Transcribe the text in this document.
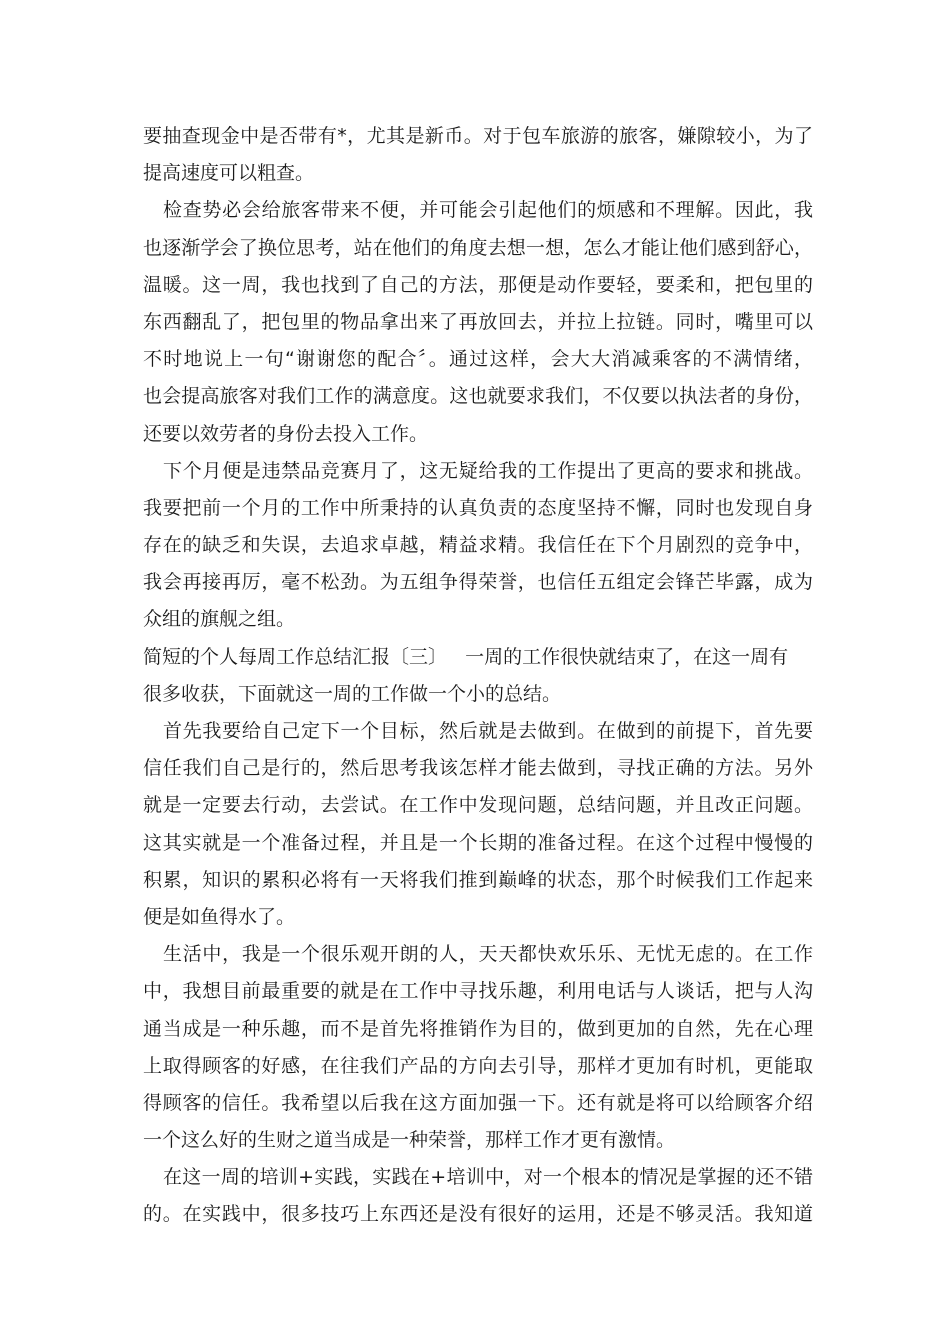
要抽查现金中是否带有*，尤其是新币。对于包车旅游的旅客，嫌隙较小，为了
提高速度可以粗查。
检查势必会给旅客带来不便，并可能会引起他们的烦感和不理解。因此，我
也逐渐学会了换位思考，站在他们的角度去想一想，怎么才能让他们感到舒心，
温暖。这一周，我也找到了自己的方法，那便是动作要轻，要柔和，把包里的
东西翻乱了，把包里的物品拿出来了再放回去，并拉上拉链。同时，嘴里可以
不时地说上一句“谢谢您的配合〞。通过这样，会大大消减乘客的不满情绪，
也会提高旅客对我们工作的满意度。这也就要求我们，不仅要以执法者的身份，
还要以效劳者的身份去投入工作。
下个月便是违禁品竞赛月了，这无疑给我的工作提出了更高的要求和挑战。
我要把前一个月的工作中所秉持的认真负责的态度坚持不懈，同时也发现自身
存在的缺乏和失误，去追求卓越，精益求精。我信任在下个月剧烈的竞争中，
我会再接再厉，毫不松劲。为五组争得荣誉，也信任五组定会锋芒毕露，成为
众组的旗舰之组。
简短的个人每周工作总结汇报〔三〕   一周的工作很快就结束了，在这一周有
很多收获，下面就这一周的工作做一个小的总结。
首先我要给自己定下一个目标，然后就是去做到。在做到的前提下，首先要
信任我们自己是行的，然后思考我该怎样才能去做到，寻找正确的方法。另外
就是一定要去行动，去尝试。在工作中发现问题，总结问题，并且改正问题。
这其实就是一个准备过程，并且是一个长期的准备过程。在这个过程中慢慢的
积累，知识的累积必将有一天将我们推到巅峰的状态，那个时候我们工作起来
便是如鱼得水了。
生活中，我是一个很乐观开朗的人，天天都快欢乐乐、无忧无虑的。在工作
中，我想目前最重要的就是在工作中寻找乐趣，利用电话与人谈话，把与人沟
通当成是一种乐趣，而不是首先将推销作为目的，做到更加的自然，先在心理
上取得顾客的好感，在往我们产品的方向去引导，那样才更加有时机，更能取
得顾客的信任。我希望以后我在这方面加强一下。还有就是将可以给顾客介绍
一个这么好的生财之道当成是一种荣誉，那样工作才更有激情。
在这一周的培训+实践，实践在+培训中，对一个根本的情况是掌握的还不错
的。在实践中，很多技巧上东西还是没有很好的运用，还是不够灵活。我知道
